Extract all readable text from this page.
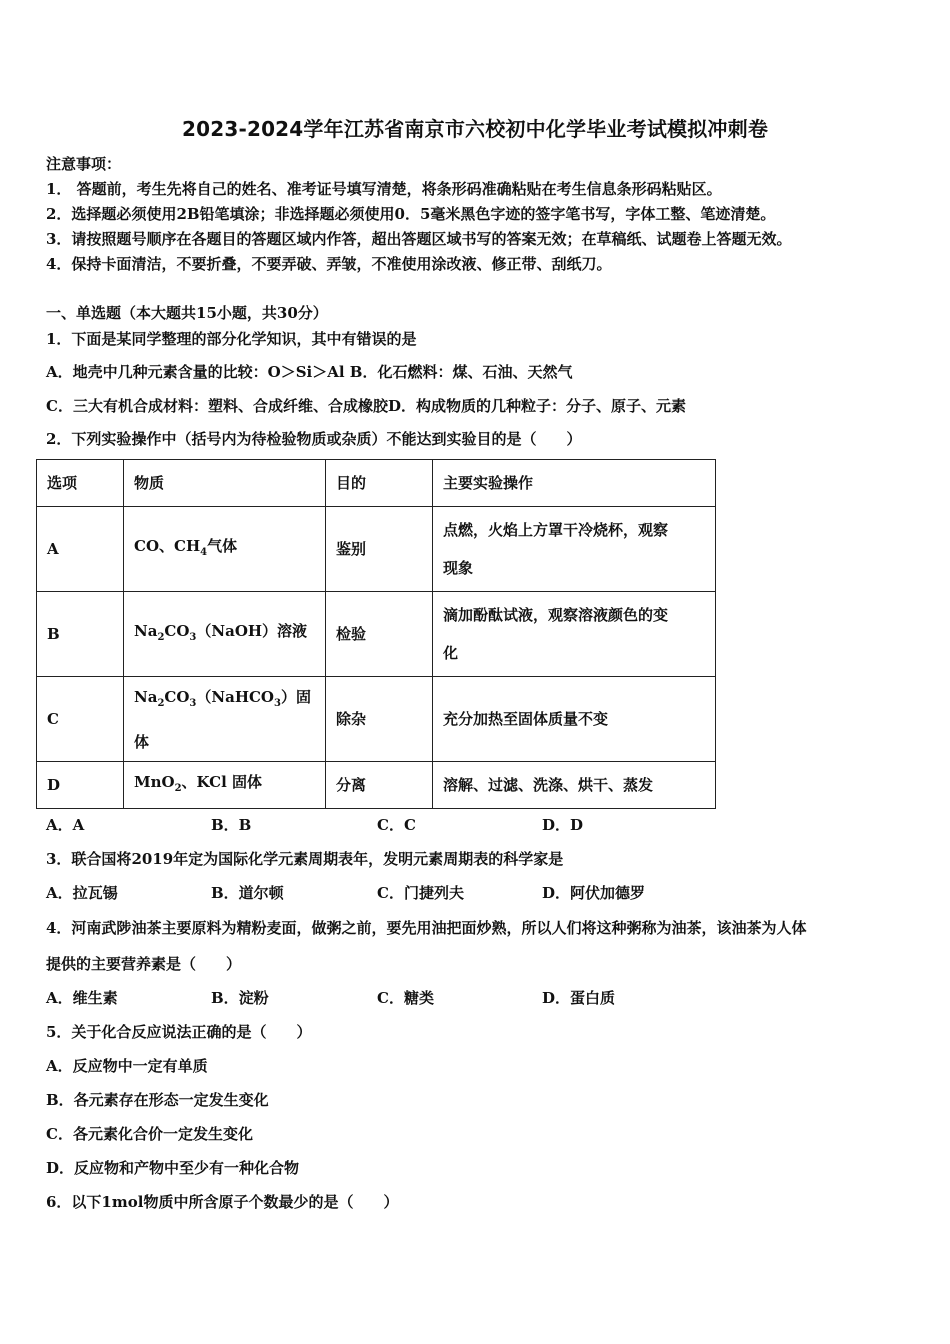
2023-2024学年江苏省南京市六校初中化学毕业考试模拟冲刺卷
注意事项：
1． 答题前，考生先将自己的姓名、准考证号填写清楚，将条形码准确粘贴在考生信息条形码粘贴区。
2．选择题必须使用2B铅笔填涂；非选择题必须使用0．5毫米黑色字迹的签字笔书写，字体工整、笔迹清楚。
3．请按照题号顺序在各题目的答题区域内作答，超出答题区域书写的答案无效；在草稿纸、试题卷上答题无效。
4．保持卡面清洁，不要折叠，不要弄破、弄皱，不准使用涂改液、修正带、刮纸刀。
一、单选题（本大题共15小题，共30分）
1．下面是某同学整理的部分化学知识，其中有错误的是
A．地壳中几种元素含量的比较：O＞Si＞Al B．化石燃料：煤、石油、天然气
C．三大有机合成材料：塑料、合成纤维、合成橡胶D．构成物质的几种粒子：分子、原子、元素
2．下列实验操作中（括号内为待检验物质或杂质）不能达到实验目的是（　　）
选项	物质	目的	主要实验操作
A	CO、$CH_4$气体	鉴别	点燃，火焰上方罩干冷烧杯，观察
现象

B	$Na_2CO_3(NaOH)$溶液	检验	滴加酚酞试液，观察溶液颜色的变
化

C	$Na_2CO_3(NaHCO_3)$固
体	除杂	充分加热至固体质量不变
D	MnO$_2$、KCl 固体	分离	溶解、过滤、洗涤、烘干、蒸发
A．A	B．B	C．C	D．D
3．联合国将2019年定为国际化学元素周期表年，发明元素周期表的科学家是
A．拉瓦锡	B．道尔顿	C．门捷列夫	D．阿伏加德罗
4．河南武陟油茶主要原料为精粉麦面，做粥之前，要先用油把面炒熟，所以人们将这种粥称为油茶，该油茶为人体
提供的主要营养素是（　　）
A．维生素	B．淀粉	C．糖类	D．蛋白质
5．关于化合反应说法正确的是（　　）
A．反应物中一定有单质
B．各元素存在形态一定发生变化
C．各元素化合价一定发生变化
D．反应物和产物中至少有一种化合物
6．以下1mol物质中所含原子个数最少的是（　　）
